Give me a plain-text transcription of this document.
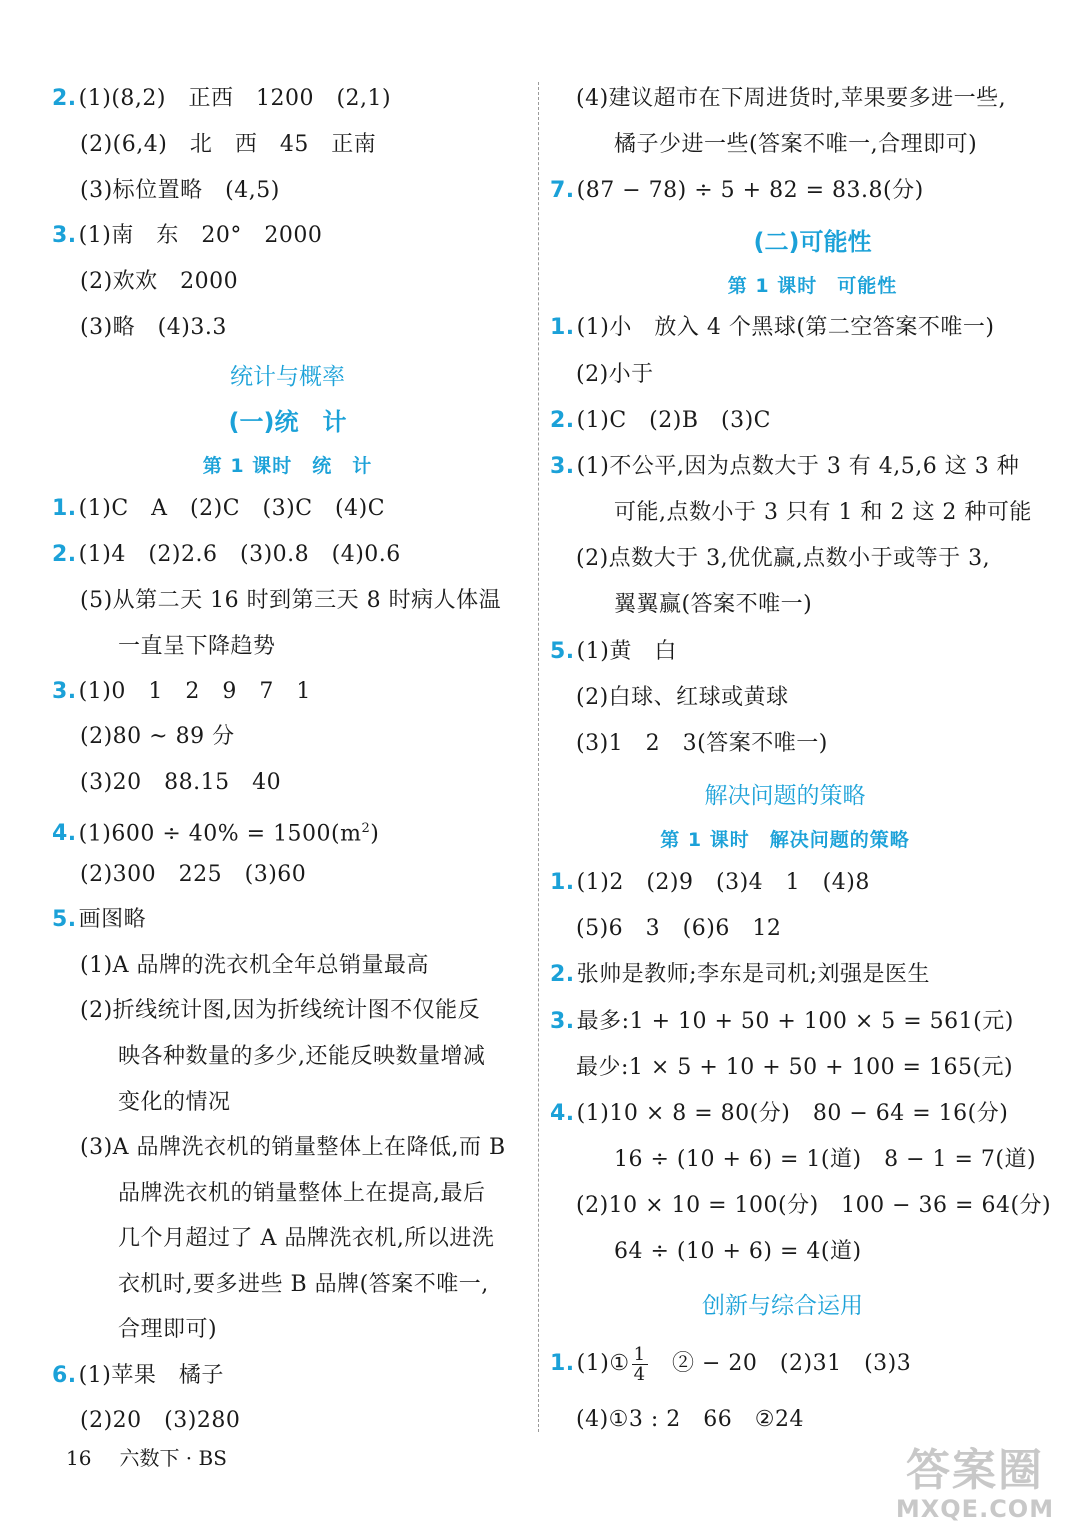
2.(1)(8,2)　正西　1200　(2,1)
(2)(6,4)　北　西　45　正南
(3)标位置略　(4,5)
3.(1)南　东　20°　2000
(2)欢欢　2000
(3)略　(4)3.3
统计与概率
(一)统　计
第 1 课时　统　计
1.(1)C　A　(2)C　(3)C　(4)C
2.(1)4　(2)2.6　(3)0.8　(4)0.6
(5)从第二天 16 时到第三天 8 时病人体温
一直呈下降趋势
3.(1)0　1　2　9　7　1
(2)80 ~ 89 分
(3)20　88.15　40
$4.(1)600 \div 40\% = 1500(m^2)$
(2)300　225　(3)60
5.画图略
(1)A 品牌的洗衣机全年总销量最高
(2)折线统计图,因为折线统计图不仅能反
映各种数量的多少,还能反映数量增减
变化的情况
(3)A 品牌洗衣机的销量整体上在降低,而 B
品牌洗衣机的销量整体上在提高,最后
几个月超过了 A 品牌洗衣机,所以进洗
衣机时,要多进些 B 品牌(答案不唯一,
合理即可)
6.(1)苹果　橘子
(2)20　(3)280
(4)建议超市在下周进货时,苹果要多进一些,
橘子少进一些(答案不唯一,合理即可)
7.(87 − 78) ÷ 5 + 82 = 83.8(分)
(二)可能性
第 1 课时　可能性
1.(1)小　放入 4 个黑球(第二空答案不唯一)
(2)小于
2.(1)C　(2)B　(3)C
3.(1)不公平,因为点数大于 3 有 4,5,6 这 3 种
可能,点数小于 3 只有 1 和 2 这 2 种可能
(2)点数大于 3,优优赢,点数小于或等于 3,
翼翼赢(答案不唯一)
5.(1)黄　白
(2)白球、红球或黄球
(3)1　2　3(答案不唯一)
解决问题的策略
第 1 课时　解决问题的策略
1.(1)2　(2)9　(3)4　1　(4)8
(5)6　3　(6)6　12
2.张帅是教师;李东是司机;刘强是医生
3.最多:1 + 10 + 50 + 100 × 5 = 561(元)
最少:1 × 5 + 10 + 50 + 100 = 165(元)
4.(1)10 × 8 = 80(分)　80 − 64 = 16(分)
16 ÷ (10 + 6) = 1(道)　8 − 1 = 7(道)
(2)10 × 10 = 100(分)　100 − 36 = 64(分)
64 ÷ (10 + 6) = 4(道)
创新与综合运用
1.(1)① $\frac{1}{4}$ 　② − 20　(2)31　(3)3
(4)①3 : 2　66　②24
16 六数下 · BS	答案圈
MXQE.COM
